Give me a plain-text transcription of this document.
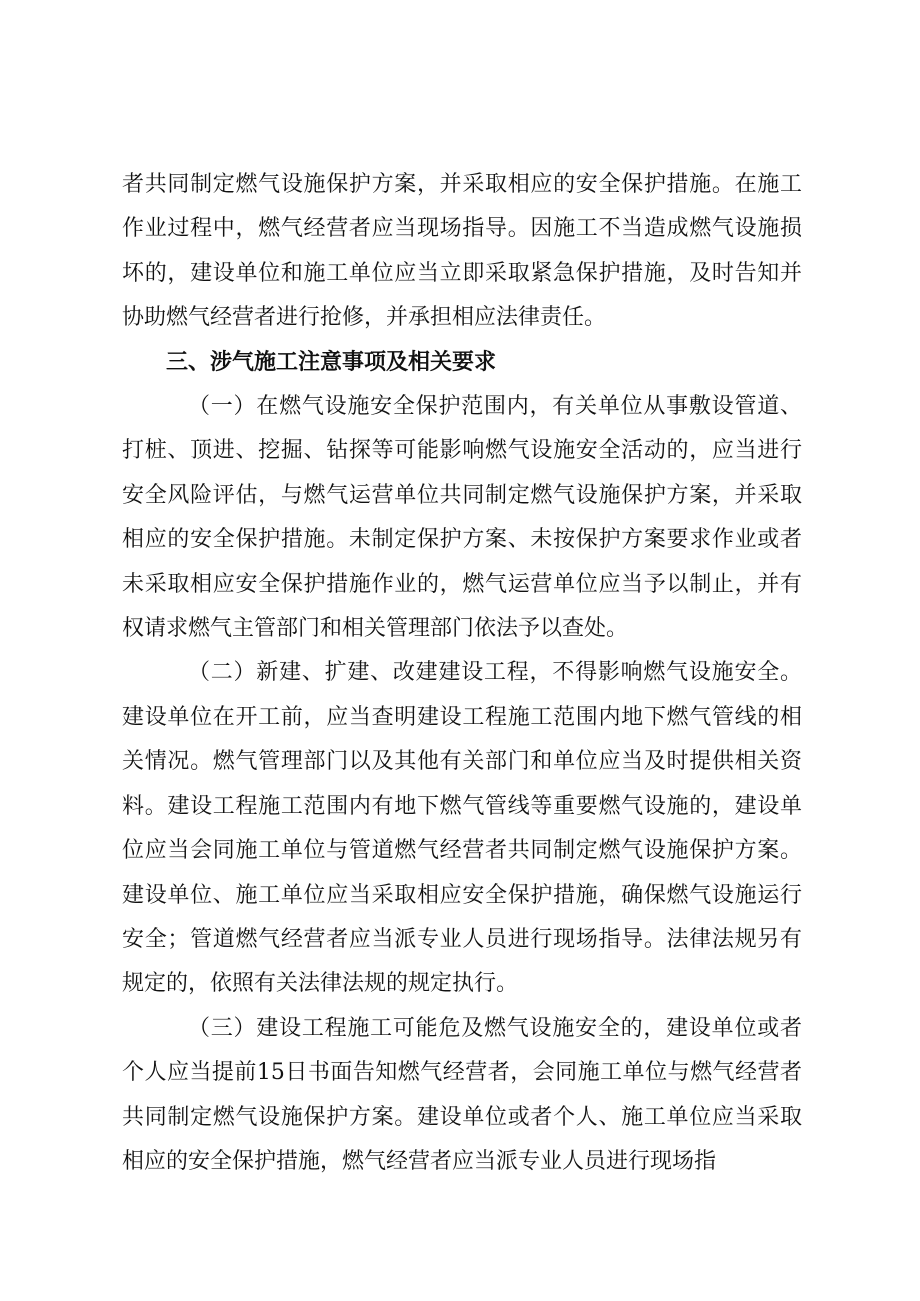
者共同制定燃气设施保护方案，并采取相应的安全保护措施。在施工作业过程中，燃气经营者应当现场指导。因施工不当造成燃气设施损坏的，建设单位和施工单位应当立即采取紧急保护措施，及时告知并协助燃气经营者进行抢修，并承担相应法律责任。

三、涉气施工注意事项及相关要求

（一）在燃气设施安全保护范围内，有关单位从事敷设管道、打桩、顶进、挖掘、钻探等可能影响燃气设施安全活动的，应当进行安全风险评估，与燃气运营单位共同制定燃气设施保护方案，并采取相应的安全保护措施。未制定保护方案、未按保护方案要求作业或者未采取相应安全保护措施作业的，燃气运营单位应当予以制止，并有权请求燃气主管部门和相关管理部门依法予以查处。

（二）新建、扩建、改建建设工程，不得影响燃气设施安全。建设单位在开工前，应当查明建设工程施工范围内地下燃气管线的相关情况。燃气管理部门以及其他有关部门和单位应当及时提供相关资料。建设工程施工范围内有地下燃气管线等重要燃气设施的，建设单位应当会同施工单位与管道燃气经营者共同制定燃气设施保护方案。建设单位、施工单位应当采取相应安全保护措施，确保燃气设施运行安全；管道燃气经营者应当派专业人员进行现场指导。法律法规另有规定的，依照有关法律法规的规定执行。

（三）建设工程施工可能危及燃气设施安全的，建设单位或者个人应当提前15日书面告知燃气经营者，会同施工单位与燃气经营者共同制定燃气设施保护方案。建设单位或者个人、施工单位应当采取相应的安全保护措施，燃气经营者应当派专业人员进行现场指
